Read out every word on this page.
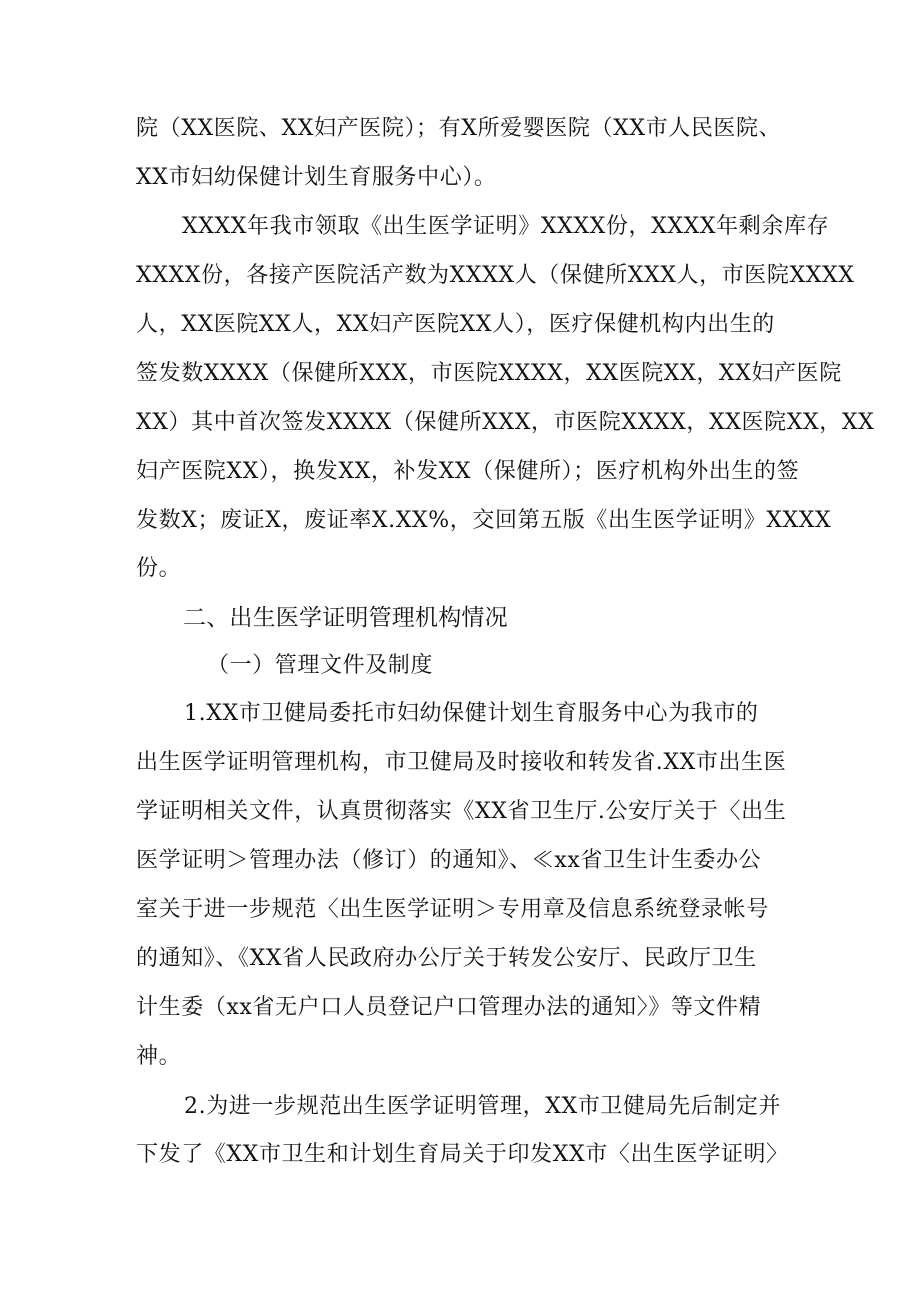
院（XX医院、XX妇产医院）；有X所爱婴医院（XX市人民医院、
XX市妇幼保健计划生育服务中心）。
XXXX年我市领取《出生医学证明》XXXX份，XXXX年剩余库存
XXXX份，各接产医院活产数为XXXX人（保健所XXX人，市医院XXXX
人，XX医院XX人，XX妇产医院XX人），医疗保健机构内出生的
签发数XXXX（保健所XXX，市医院XXXX，XX医院XX，XX妇产医院
XX）其中首次签发XXXX（保健所XXX，市医院XXXX，XX医院XX，XX
妇产医院XX），换发XX，补发XX（保健所）；医疗机构外出生的签
发数X；废证X，废证率X.XX%，交回第五版《出生医学证明》XXXX
份。
二、出生医学证明管理机构情况
（一）管理文件及制度
1.XX市卫健局委托市妇幼保健计划生育服务中心为我市的
出生医学证明管理机构，市卫健局及时接收和转发省.XX市出生医
学证明相关文件，认真贯彻落实《XX省卫生厅.公安厅关于〈出生
医学证明＞管理办法（修订）的通知》、≪xx省卫生计生委办公
室关于进一步规范〈出生医学证明＞专用章及信息系统登录帐号
的通知》、《XX省人民政府办公厅关于转发公安厅、民政厅卫生
计生委（xx省无户口人员登记户口管理办法的通知〉》等文件精
神。
2.为进一步规范出生医学证明管理，XX市卫健局先后制定并
下发了《XX市卫生和计划生育局关于印发XX市〈出生医学证明〉
